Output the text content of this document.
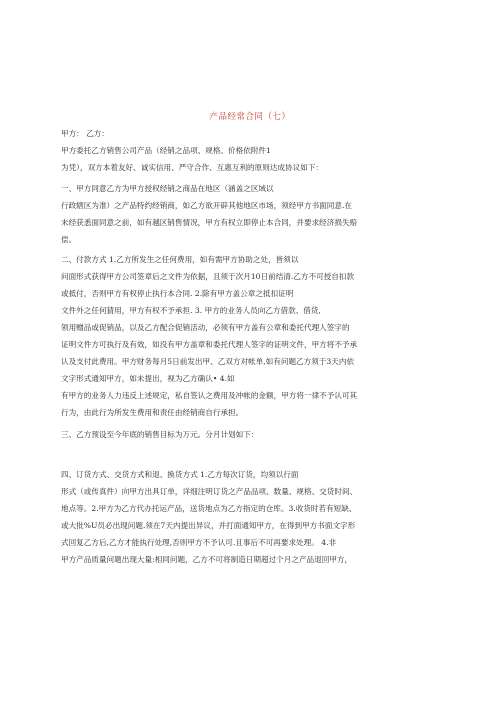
产品经常合同（七）
甲方： 乙方：
甲方委托乙方销售公司产品（经销之品项、规格、价格依附件1
为凭），双方本着友好、诚实信用、严守合作、互惠互利的原则达成协议如下：
一、甲方同意乙方为甲方授权经销之商品在地区（涵盖之区域以
行政辖区为准）之产品特约经销商，如乙方欲开辟其他地区市场，须经甲方书面同意.在
未经获悉面同意之前，如有越区销售情况，甲方有权立即停止本合同，并要求经济损失赔
偿。
二、付款方式 1.乙方所发生之任何费用，如有需甲方协助之处，皆须以
问面形式获得甲方公司签章后之文件为依据，且须于次月10日前结清.乙方不可授自扣款
或抵付，否则甲方有权停止执行本合同. 2.除有甲方盖公章之抵扣证明
文件外之任何猜用，甲方有权不予承担. 3. 甲方的业务人员向乙方借款、借货,
领用赠品或促销品，以及乙方配合促销活动，必须有甲方盖有公章和委托代理人签字的
证明文件方可执行及有效，如没有甲方盖章和委托代理人签字的证明文件，甲方将不予承
认及支付此费用。甲方财务每月5日前发出甲、乙双方对帐单,如有问题乙方须于3天内依
文字形式通知甲方，如未提出，视为乙方确认• 4.如
有甲方的业务人力违反上述规定，私自签认之费用及冲帐的金额，甲方将一律不予认可其
行为，由此行为所发生费用和责任由经销商自行承担。
三、乙方预设至今年底的销售目标为万元。分月计划如下：
四、订货方式、交货方式和退、换货方式 1.乙方每次订货，均须以行面
形式（或传真件）向甲方出具订单，详细注明订货之产品品项、数量、规格、交货时间、
地点等。2.甲方为乙方代办托运产品，送货地点为乙方指定的仓库。3.收货时若有短缺、
或大批%U员必出现问题.须在7天内提出异议，并打面通知甲方，在得到甲方书面文字形
式回复乙方后,乙方才能执行处理,否则甲方不予认可.且事后不可再要求处理。 4.非
甲方产品质量问题出现大量:相同问题，乙方不可将制造日期超过个月之产品退回甲方，
